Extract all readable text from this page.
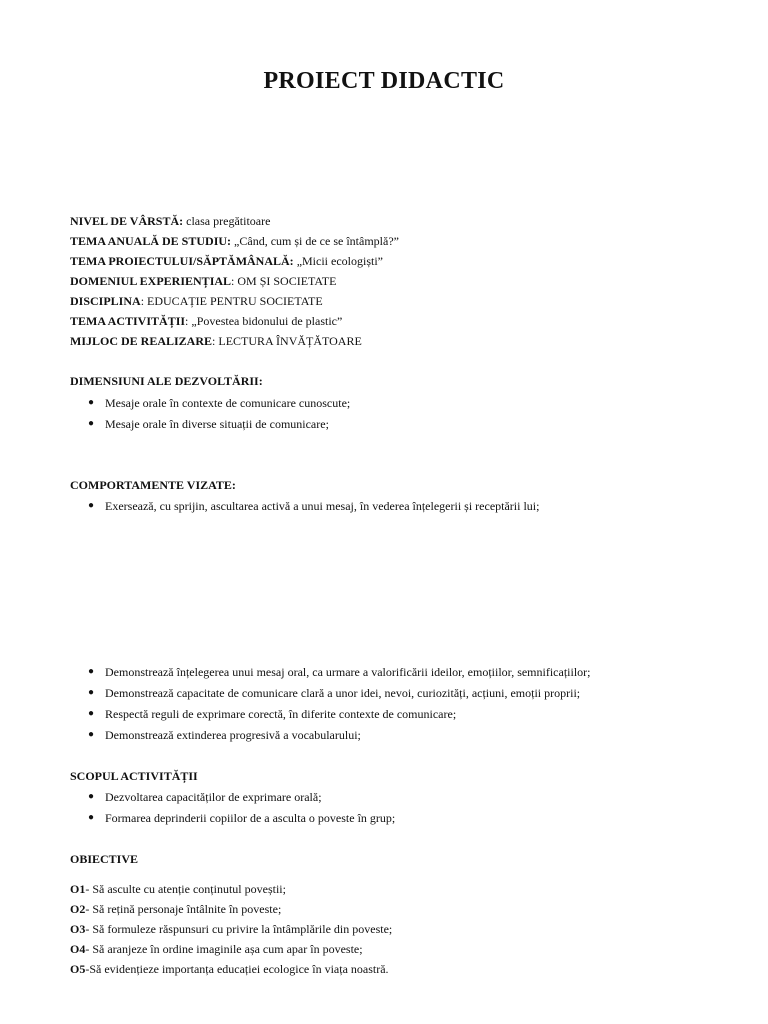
PROIECT DIDACTIC
NIVEL DE VÂRSTĂ: clasa pregătitoare
TEMA ANUALĂ DE STUDIU: „Când, cum și de ce se întâmplă?”
TEMA PROIECTULUI/SĂPTĂMÂNALĂ: „Micii ecologiști”
DOMENIUL EXPERIENȚIAL: OM ȘI SOCIETATE
DISCIPLINA: EDUCAȚIE PENTRU SOCIETATE
TEMA ACTIVITĂȚII: „Povestea bidonului de plastic”
MIJLOC DE REALIZARE: LECTURA ÎNVĂȚĂTOARE
DIMENSIUNI ALE DEZVOLTĂRII:
● Mesaje orale în contexte de comunicare cunoscute;
● Mesaje orale în diverse situații de comunicare;
COMPORTAMENTE VIZATE:
● Exersează, cu sprijin, ascultarea activă a unui mesaj, în vederea înțelegerii și receptării lui;
● Demonstrează înțelegerea unui mesaj oral, ca urmare a valorificării ideilor, emoțiilor, semnificațiilor;
● Demonstrează capacitate de comunicare clară a unor idei, nevoi, curiozități, acțiuni, emoții proprii;
● Respectă reguli de exprimare corectă, în diferite contexte de comunicare;
● Demonstrează extinderea progresivă a vocabularului;
SCOPUL ACTIVITĂȚII
● Dezvoltarea capacităților de exprimare orală;
● Formarea deprinderii copiilor de a asculta o poveste în grup;
OBIECTIVE
O1- Să asculte cu atenție conținutul poveștii;
O2- Să rețină personaje întâlnite în poveste;
O3- Să formuleze răspunsuri cu privire la întâmplările din poveste;
O4- Să aranjeze în ordine imaginile așa cum apar în poveste;
O5-Să evidențieze importanța educației ecologice în viața noastră.
